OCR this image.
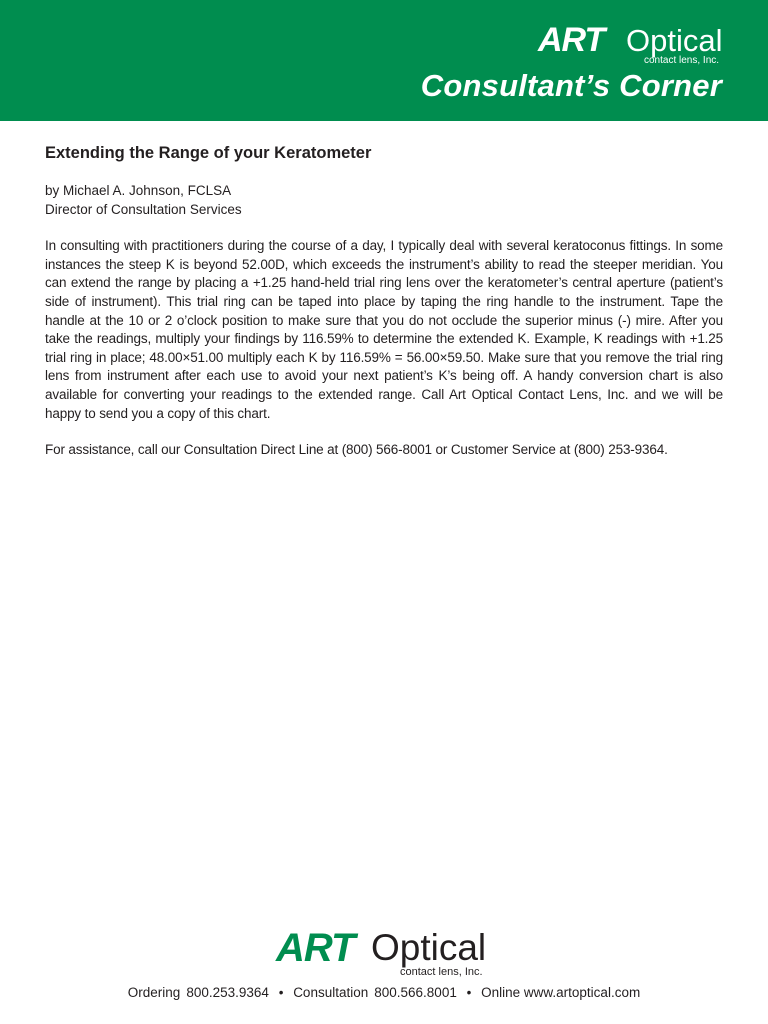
ART Optical
contact lens, Inc.
Consultant’s Corner
Extending the Range of your Keratometer
by Michael A. Johnson, FCLSA
Director of Consultation Services
In consulting with practitioners during the course of a day, I typically deal with several keratoconus fittings. In some instances the steep K is beyond 52.00D, which exceeds the instrument’s ability to read the steeper meridian. You can extend the range by placing a +1.25 hand-held trial ring lens over the keratometer’s central aperture (patient’s side of instrument). This trial ring can be taped into place by taping the ring handle to the instrument. Tape the handle at the 10 or 2 o’clock position to make sure that you do not occlude the superior minus (-) mire. After you take the readings, multiply your findings by 116.59% to determine the extended K. Example, K readings with +1.25 trial ring in place; 48.00×51.00 multiply each K by 116.59% = 56.00×59.50. Make sure that you remove the trial ring lens from instrument after each use to avoid your next patient’s K’s being off. A handy conversion chart is also available for converting your readings to the extended range. Call Art Optical Contact Lens, Inc. and we will be happy to send you a copy of this chart.
For assistance, call our Consultation Direct Line at (800) 566-8001 or Customer Service at (800) 253-9364.
ART Optical
contact lens, Inc.
Ordering 800.253.9364 • Consultation 800.566.8001 • Online www.artoptical.com
